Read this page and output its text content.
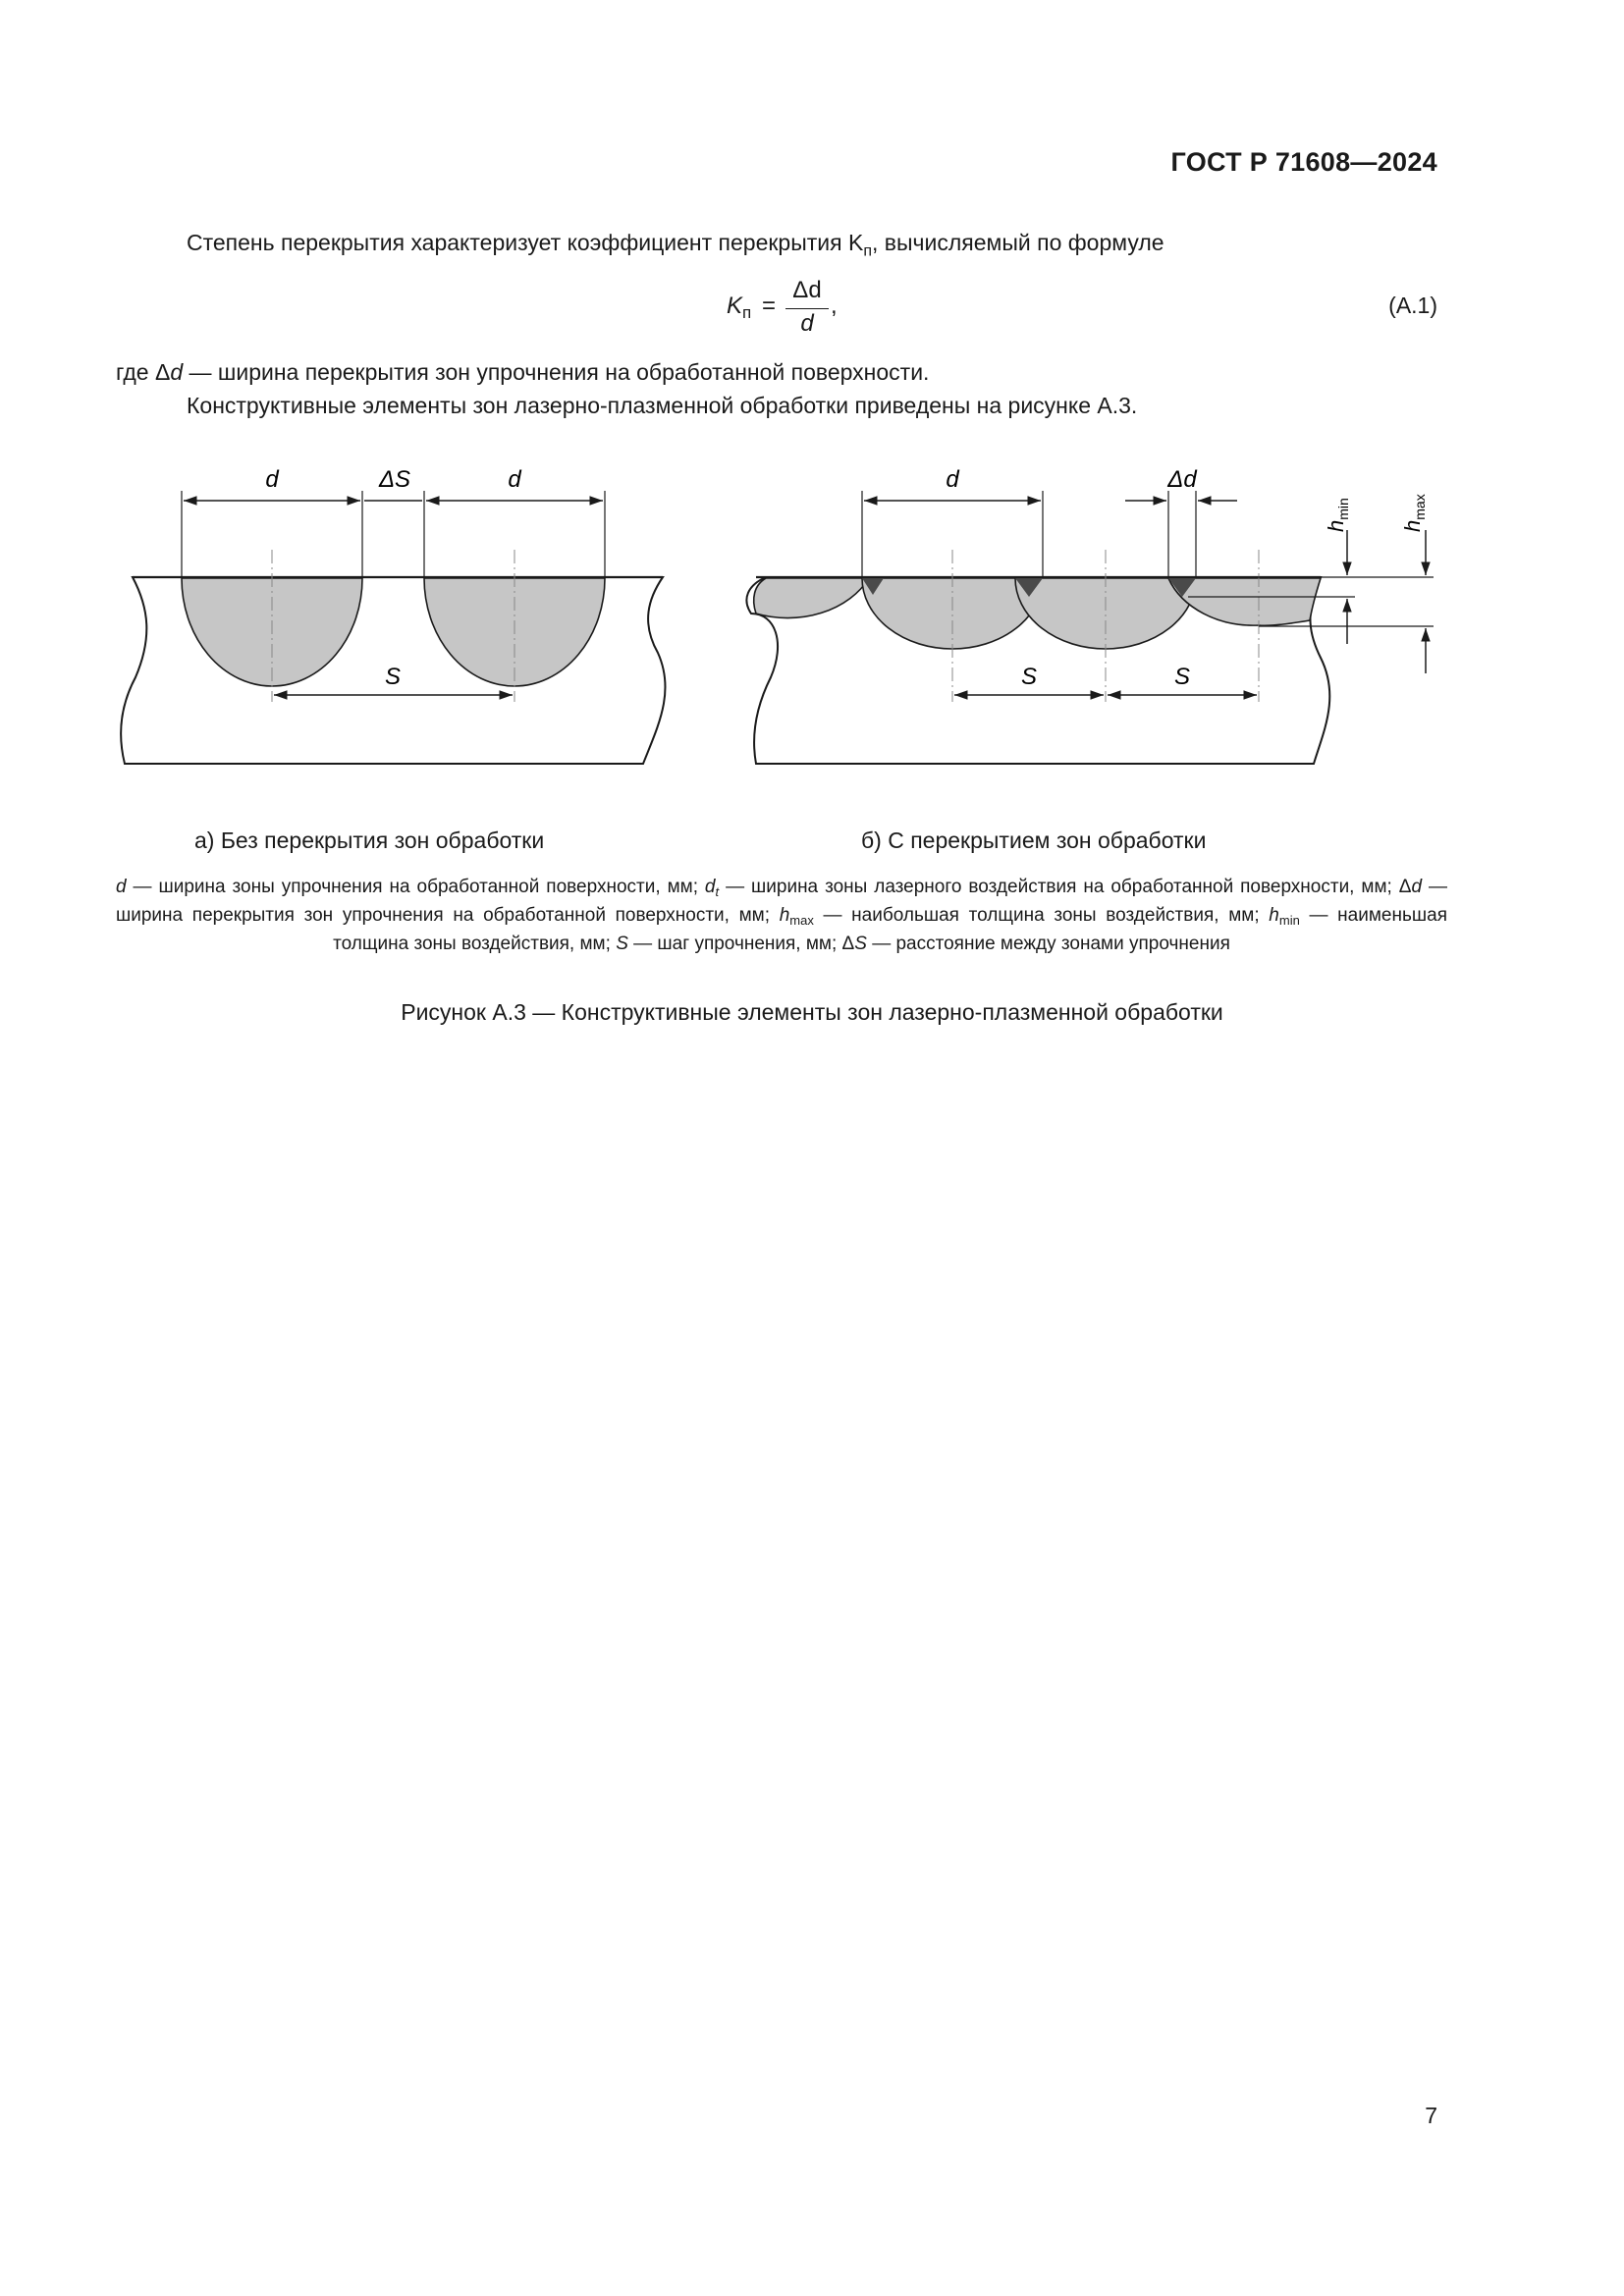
ГОСТ Р 71608—2024
Степень перекрытия характеризует коэффициент перекрытия $K_п$, вычисляемый по формуле
$K_п$ =
Δd
d
,	(А.1)
где Δd — ширина перекрытия зон упрочнения на обработанной поверхности.
Конструктивные элементы зон лазерно-плазменной обработки приведены на рисунке А.3.
d	ΔS	d
S
d	Δd
S	S
$h_{min}$
$h_{max}$
а) Без перекрытия зон обработки	б) С перекрытием зон обработки
d — ширина зоны упрочнения на обработанной поверхности, мм; $d_t$ — ширина зоны лазерного воздействия на обработанной поверхности, мм; Δd — ширина перекрытия зон упрочнения на обработанной поверхности, мм; $h_{max}$ — наибольшая толщина зоны воздействия, мм; $h_{min}$ — наименьшая толщина зоны воздействия, мм; S — шаг упрочнения, мм; ΔS — расстояние между зонами упрочнения
Рисунок А.3 — Конструктивные элементы зон лазерно-плазменной обработки
7
